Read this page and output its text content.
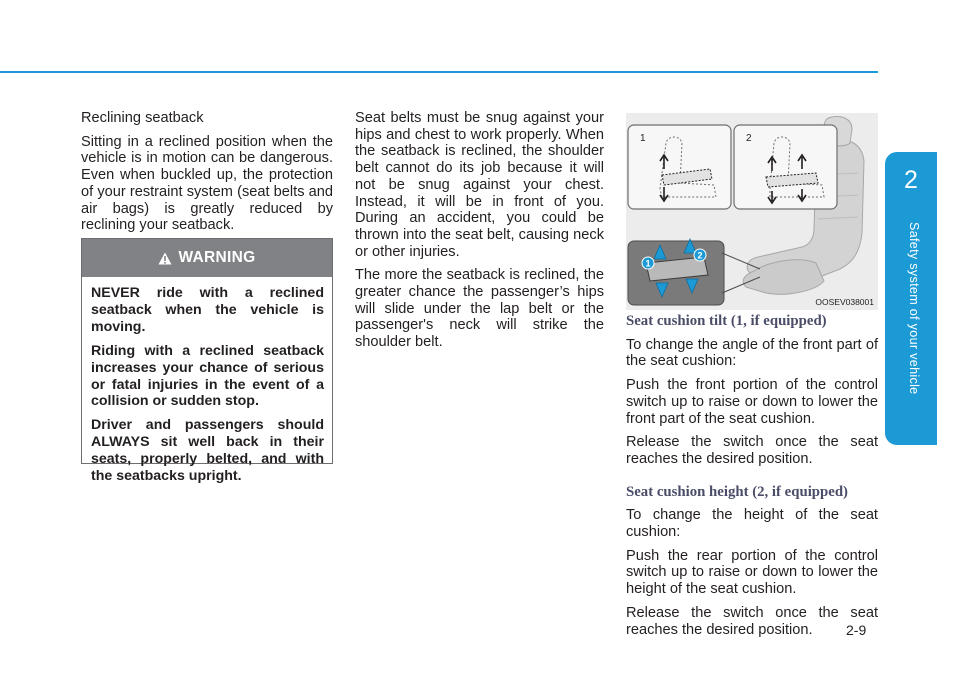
Reclining seatback

Sitting in a reclined position when the vehicle is in motion can be dangerous. Even when buckled up, the protection of your restraint system (seat belts and air bags) is greatly reduced by reclining your seatback.

WARNING

NEVER ride with a reclined seatback when the vehicle is moving.

Riding with a reclined seatback increases your chance of serious or fatal injuries in the event of a collision or sudden stop.

Driver and passengers should ALWAYS sit well back in their seats, properly belted, and with the seatbacks upright.

Seat belts must be snug against your hips and chest to work properly. When the seatback is reclined, the shoulder belt cannot do its job because it will not be snug against your chest. Instead, it will be in front of you. During an accident, you could be thrown into the seat belt, causing neck or other injuries.

The more the seatback is reclined, the greater chance the passenger’s hips will slide under the lap belt or the passenger's neck will strike the shoulder belt.

1	2
1
2
OOSEV038001

Seat cushion tilt (1, if equipped)

To change the angle of the front part of the seat cushion:

Push the front portion of the control switch up to raise or down to lower the front part of the seat cushion.

Release the switch once the seat reaches the desired position.

Seat cushion height (2, if equipped)

To change the height of the seat cushion:

Push the rear portion of the control switch up to raise or down to lower the height of the seat cushion.

Release the switch once the seat reaches the desired position.

2
Safety system of your vehicle
2-9
